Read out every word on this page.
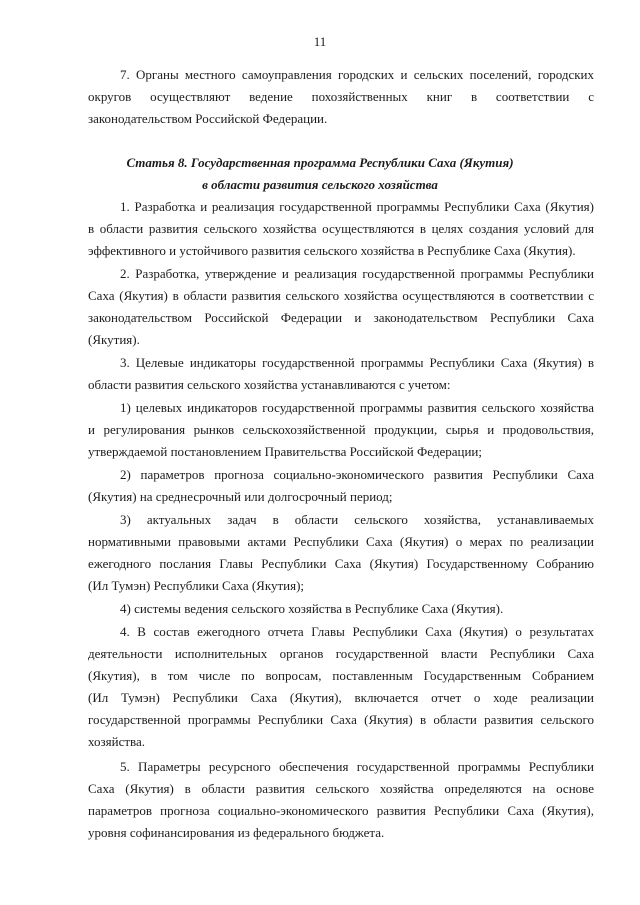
11
7. Органы местного самоуправления городских и сельских поселений, городских
округов осуществляют ведение похозяйственных книг в соответствии с
законодательством Российской Федерации.
Статья 8. Государственная программа Республики Саха (Якутия)
в области развития сельского хозяйства
1. Разработка и реализация государственной программы Республики Саха (Якутия)
в области развития сельского хозяйства осуществляются в целях создания условий для
эффективного и устойчивого развития сельского хозяйства в Республике Саха (Якутия).
2. Разработка, утверждение и реализация государственной программы Республики
Саха (Якутия) в области развития сельского хозяйства осуществляются в соответствии с
законодательством Российской Федерации и законодательством Республики Саха
(Якутия).
3. Целевые индикаторы государственной программы Республики Саха (Якутия) в
области развития сельского хозяйства устанавливаются с учетом:
1) целевых индикаторов государственной программы развития сельского хозяйства
и регулирования рынков сельскохозяйственной продукции, сырья и продовольствия,
утверждаемой постановлением Правительства Российской Федерации;
2) параметров прогноза социально-экономического развития Республики Саха
(Якутия) на среднесрочный или долгосрочный период;
3) актуальных задач в области сельского хозяйства, устанавливаемых
нормативными правовыми актами Республики Саха (Якутия) о мерах по реализации
ежегодного послания Главы Республики Саха (Якутия) Государственному Собранию
(Ил Тумэн) Республики Саха (Якутия);
4) системы ведения сельского хозяйства в Республике Саха (Якутия).
4. В состав ежегодного отчета Главы Республики Саха (Якутия) о результатах
деятельности исполнительных органов государственной власти Республики Саха
(Якутия), в том числе по вопросам, поставленным Государственным Собранием
(Ил Тумэн) Республики Саха (Якутия), включается отчет о ходе реализации
государственной программы Республики Саха (Якутия) в области развития сельского
хозяйства.
5. Параметры ресурсного обеспечения государственной программы Республики
Саха (Якутия) в области развития сельского хозяйства определяются на основе
параметров прогноза социально-экономического развития Республики Саха (Якутия),
уровня софинансирования из федерального бюджета.
